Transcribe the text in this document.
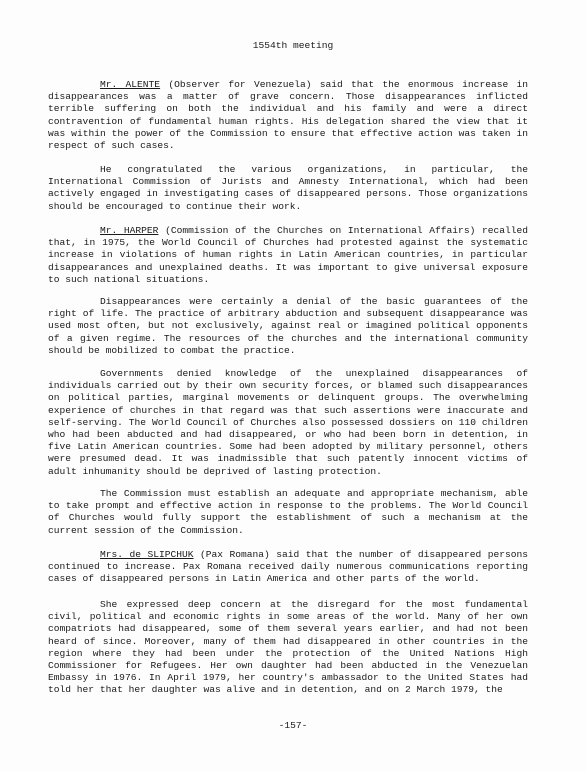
1554th meeting

Mr. ALENTE (Observer for Venezuela) said that the enormous increase in disappearances was a matter of grave concern. Those disappearances inflicted terrible suffering on both the individual and his family and were a direct contravention of fundamental human rights. His delegation shared the view that it was within the power of the Commission to ensure that effective action was taken in respect of such cases.

He congratulated the various organizations, in particular, the International Commission of Jurists and Amnesty International, which had been actively engaged in investigating cases of disappeared persons. Those organizations should be encouraged to continue their work.

Mr. HARPER (Commission of the Churches on International Affairs) recalled that, in 1975, the World Council of Churches had protested against the systematic increase in violations of human rights in Latin American countries, in particular disappearances and unexplained deaths. It was important to give universal exposure to such national situations.

Disappearances were certainly a denial of the basic guarantees of the right of life. The practice of arbitrary abduction and subsequent disappearance was used most often, but not exclusively, against real or imagined political opponents of a given regime. The resources of the churches and the international community should be mobilized to combat the practice.

Governments denied knowledge of the unexplained disappearances of individuals carried out by their own security forces, or blamed such disappearances on political parties, marginal movements or delinquent groups. The overwhelming experience of churches in that regard was that such assertions were inaccurate and self-serving. The World Council of Churches also possessed dossiers on 110 children who had been abducted and had disappeared, or who had been born in detention, in five Latin American countries. Some had been adopted by military personnel, others were presumed dead. It was inadmissible that such patently innocent victims of adult inhumanity should be deprived of lasting protection.

The Commission must establish an adequate and appropriate mechanism, able to take prompt and effective action in response to the problems. The World Council of Churches would fully support the establishment of such a mechanism at the current session of the Commission.

Mrs. de SLIPCHUK (Pax Romana) said that the number of disappeared persons continued to increase. Pax Romana received daily numerous communications reporting cases of disappeared persons in Latin America and other parts of the world.

She expressed deep concern at the disregard for the most fundamental civil, political and economic rights in some areas of the world. Many of her own compatriots had disappeared, some of them several years earlier, and had not been heard of since. Moreover, many of them had disappeared in other countries in the region where they had been under the protection of the United Nations High Commissioner for Refugees. Her own daughter had been abducted in the Venezuelan Embassy in 1976. In April 1979, her country's ambassador to the United States had told her that her daughter was alive and in detention, and on 2 March 1979, the

-157-
